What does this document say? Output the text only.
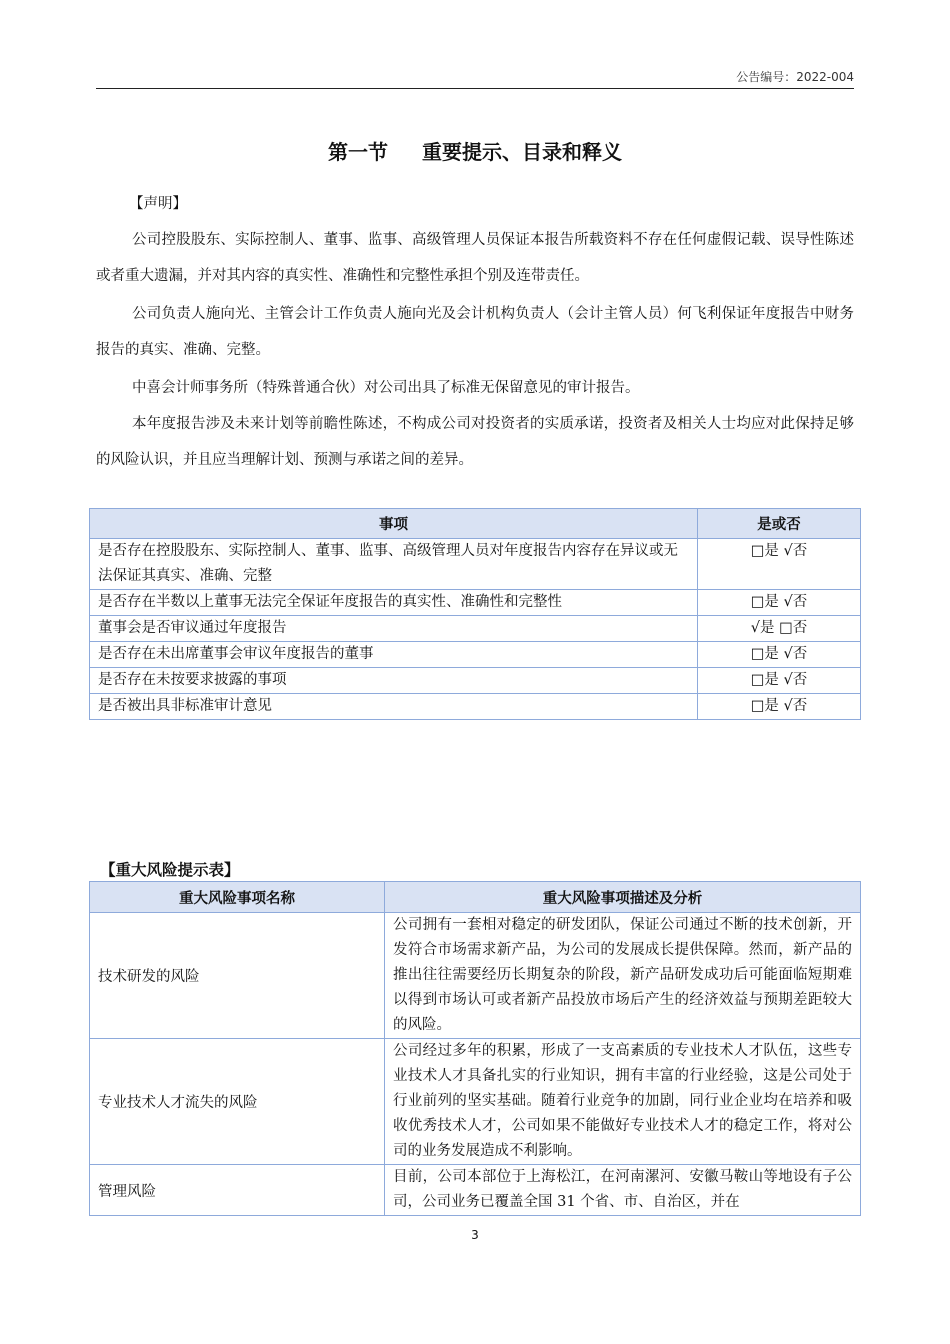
公告编号：2022-004
第一节 重要提示、目录和释义

【声明】

公司控股股东、实际控制人、董事、监事、高级管理人员保证本报告所载资料不存在任何虚假记载、误导性陈述或者重大遗漏，并对其内容的真实性、准确性和完整性承担个别及连带责任。

公司负责人施向光、主管会计工作负责人施向光及会计机构负责人（会计主管人员）何飞利保证年度报告中财务报告的真实、准确、完整。

中喜会计师事务所（特殊普通合伙）对公司出具了标准无保留意见的审计报告。

本年度报告涉及未来计划等前瞻性陈述，不构成公司对投资者的实质承诺，投资者及相关人士均应对此保持足够的风险认识，并且应当理解计划、预测与承诺之间的差异。

事项	是或否
是否存在控股股东、实际控制人、董事、监事、高级管理人员对年度报告内容存在异议或无法保证其真实、准确、完整	□是 √否
是否存在半数以上董事无法完全保证年度报告的真实性、准确性和完整性	□是 √否
董事会是否审议通过年度报告	√是 □否
是否存在未出席董事会审议年度报告的董事	□是 √否
是否存在未按要求披露的事项	□是 √否
是否被出具非标准审计意见	□是 √否
【重大风险提示表】
重大风险事项名称	重大风险事项描述及分析
技术研发的风险	公司拥有一套相对稳定的研发团队，保证公司通过不断的技术创新，开发符合市场需求新产品，为公司的发展成长提供保障。然而，新产品的推出往往需要经历长期复杂的阶段，新产品研发成功后可能面临短期难以得到市场认可或者新产品投放市场后产生的经济效益与预期差距较大的风险。
专业技术人才流失的风险	公司经过多年的积累，形成了一支高素质的专业技术人才队伍，这些专业技术人才具备扎实的行业知识，拥有丰富的行业经验，这是公司处于行业前列的坚实基础。随着行业竞争的加剧，同行业企业均在培养和吸收优秀技术人才，公司如果不能做好专业技术人才的稳定工作，将对公司的业务发展造成不利影响。
管理风险	目前，公司本部位于上海松江，在河南漯河、安徽马鞍山等地设有子公司，公司业务已覆盖全国 31 个省、市、自治区，并在
3
